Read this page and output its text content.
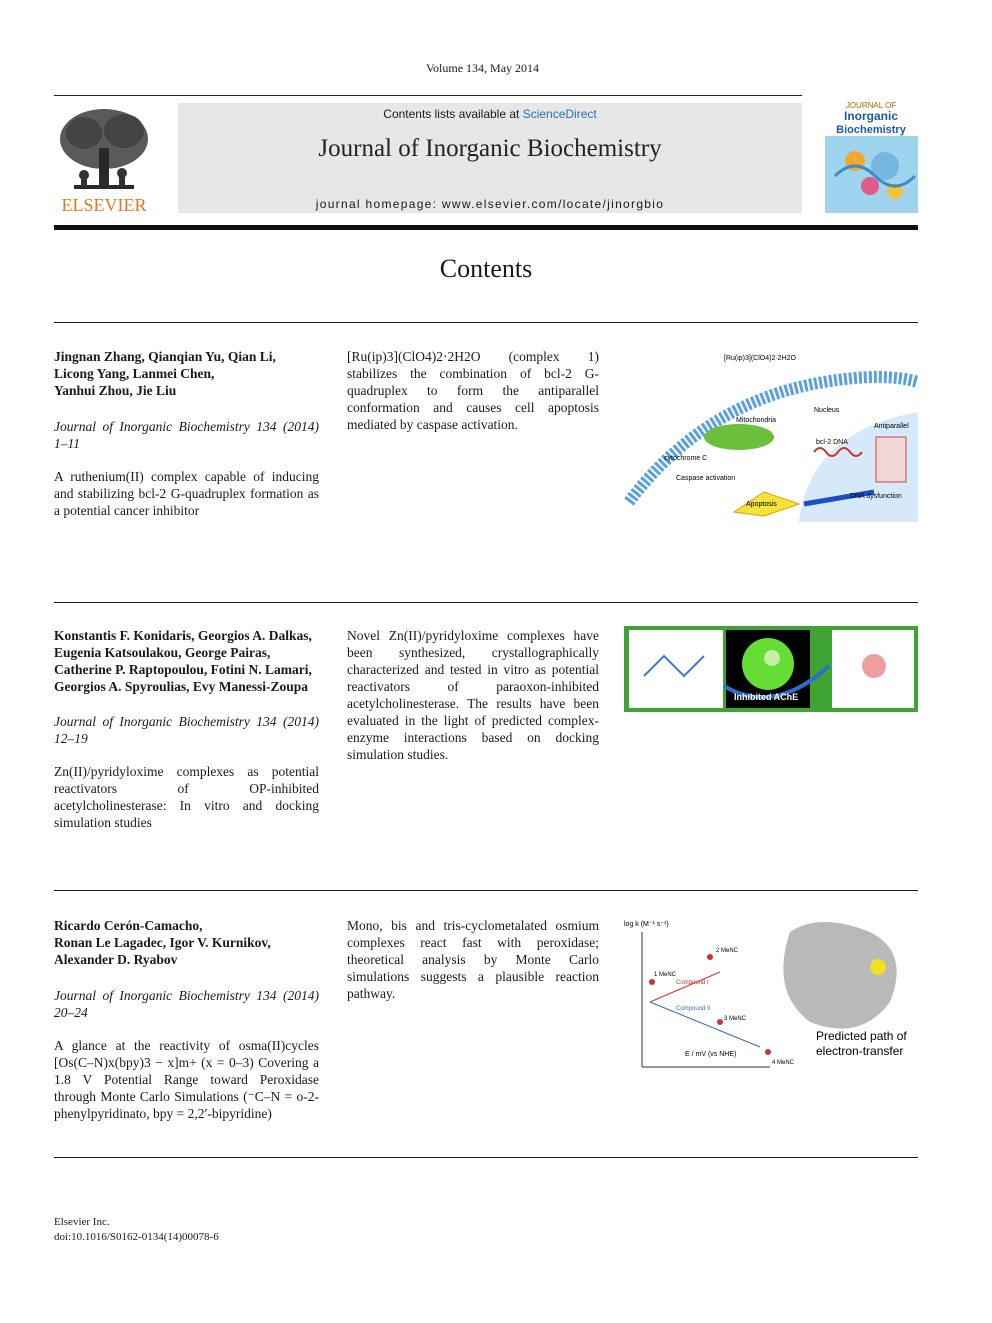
Volume 134, May 2014
ELSEVIER
Contents lists available at ScienceDirect
Journal of Inorganic Biochemistry
journal homepage: www.elsevier.com/locate/jinorgbio
JOURNAL OF
Inorganic
Biochemistry
Contents
Jingnan Zhang, Qianqian Yu, Qian Li,
Licong Yang, Lanmei Chen,
Yanhui Zhou, Jie Liu
Journal of Inorganic Biochemistry 134 (2014) 1–11
A ruthenium(II) complex capable of inducing and stabilizing bcl-2 G-quadruplex formation as a potential cancer inhibitor
[Ru(ip)3](ClO4)2·2H2O (complex 1) stabilizes the combination of bcl-2 G-quadruplex to form the antiparallel conformation and causes cell apoptosis mediated by caspase activation.
[Ru(ip)3](ClO4)2·2H2O
Nucleus
Mitochondria
Antiparallel
bcl-2 DNA
cytochrome C
Caspase activation
Apoptosis
DNA dysfunction
Konstantis F. Konidaris, Georgios A. Dalkas,
Eugenia Katsoulakou, George Pairas,
Catherine P. Raptopoulou, Fotini N. Lamari,
Georgios A. Spyroulias, Evy Manessi-Zoupa
Journal of Inorganic Biochemistry 134 (2014) 12–19
Zn(II)/pyridyloxime complexes as potential reactivators of OP-inhibited acetylcholinesterase: In vitro and docking simulation studies
Novel Zn(II)/pyridyloxime complexes have been synthesized, crystallographically characterized and tested in vitro as potential reactivators of paraoxon-inhibited acetylcholinesterase. The results have been evaluated in the light of predicted complex-enzyme interactions based on docking simulation studies.
Inhibited AChE
Ricardo Cerón-Camacho,
Ronan Le Lagadec, Igor V. Kurnikov,
Alexander D. Ryabov
Journal of Inorganic Biochemistry 134 (2014) 20–24
A glance at the reactivity of osma(II)cycles [Os(C–N)x(bpy)3 − x]m+ (x = 0–3) Covering a 1.8 V Potential Range toward Peroxidase through Monte Carlo Simulations (⁻C–N = o-2-phenylpyridinato, bpy = 2,2′-bipyridine)
Mono, bis and tris-cyclometalated osmium complexes react fast with peroxidase; theoretical analysis by Monte Carlo simulations suggests a plausible reaction pathway.
log k (M⁻¹ s⁻¹)
1 MeNC
2 MeNC
3 MeNC
4 MeNC
Compound I
Compound II
E / mV (vs NHE)
Predicted path of
electron-transfer
Elsevier Inc.
doi:10.1016/S0162-0134(14)00078-6
